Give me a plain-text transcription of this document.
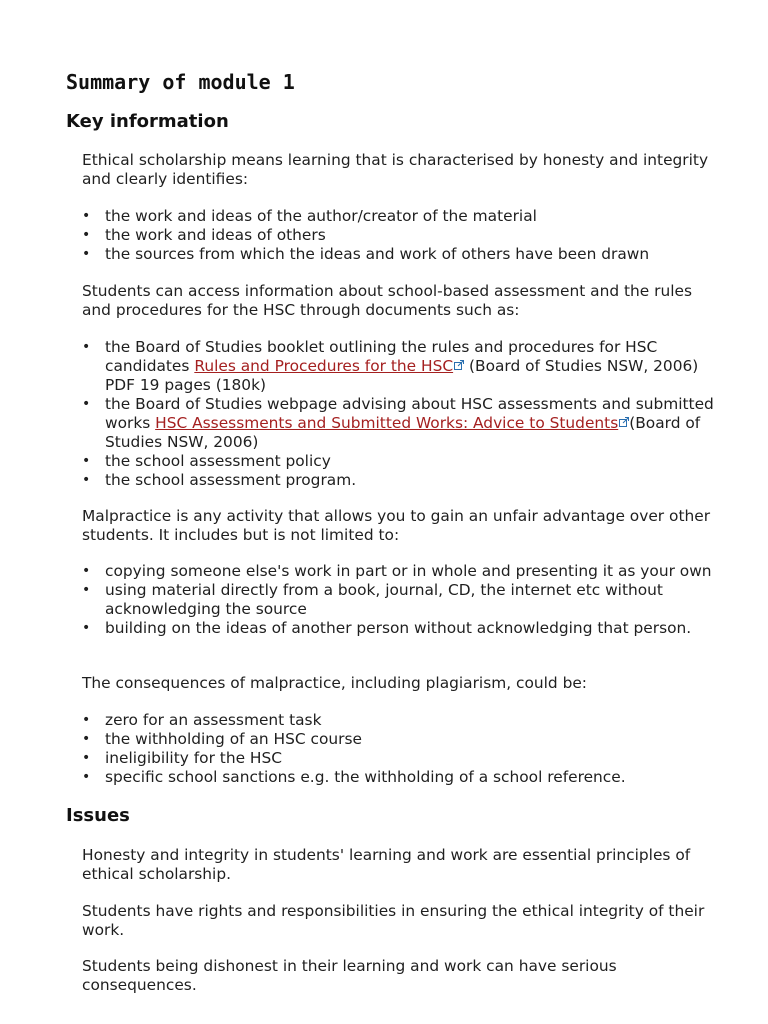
Summary of module 1
Key information

Ethical scholarship means learning that is characterised by honesty and integrity and clearly identifies:

• the work and ideas of the author/creator of the material
• the work and ideas of others
• the sources from which the ideas and work of others have been drawn

Students can access information about school-based assessment and the rules and procedures for the HSC through documents such as:

• the Board of Studies booklet outlining the rules and procedures for HSC candidates Rules and Procedures for the HSC (Board of Studies NSW, 2006) PDF 19 pages (180k)
• the Board of Studies webpage advising about HSC assessments and submitted works HSC Assessments and Submitted Works: Advice to Students (Board of Studies NSW, 2006)
• the school assessment policy
• the school assessment program.

Malpractice is any activity that allows you to gain an unfair advantage over other students. It includes but is not limited to:

• copying someone else's work in part or in whole and presenting it as your own
• using material directly from a book, journal, CD, the internet etc without acknowledging the source
• building on the ideas of another person without acknowledging that person.

The consequences of malpractice, including plagiarism, could be:

• zero for an assessment task
• the withholding of an HSC course
• ineligibility for the HSC
• specific school sanctions e.g. the withholding of a school reference.
Issues

Honesty and integrity in students' learning and work are essential principles of ethical scholarship.

Students have rights and responsibilities in ensuring the ethical integrity of their work.

Students being dishonest in their learning and work can have serious consequences.
